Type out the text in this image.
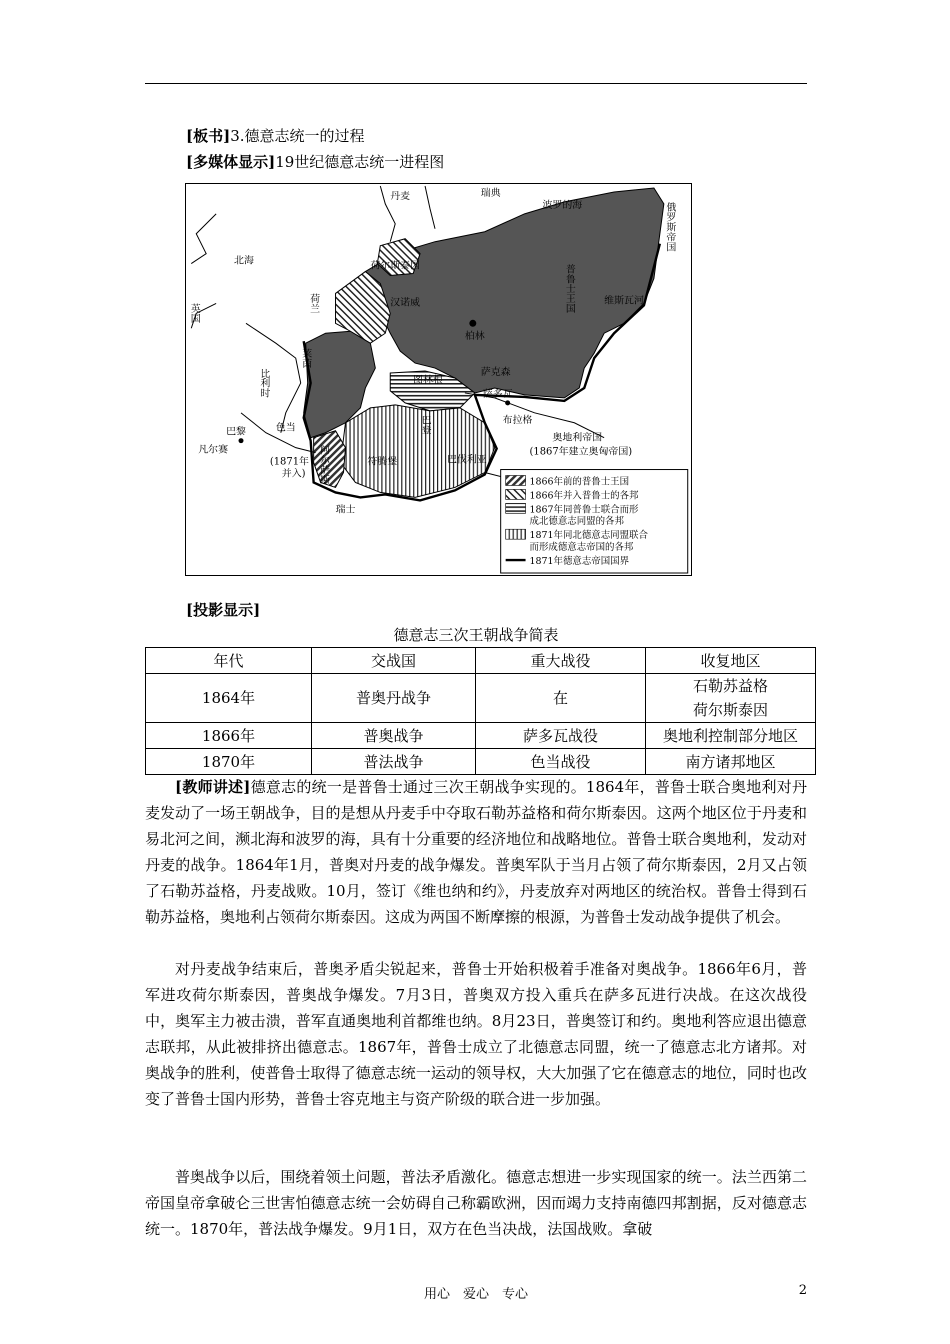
[板书]3.德意志统一的过程
[多媒体显示]19世纪德意志统一进程图
丹麦	瑞典
波罗的海
北海
俄罗斯帝国
普鲁士王国	维斯瓦河
荷尔斯泰因
汉诺威
荷兰
英国
柏林
图林根
萨克森
比利时
莱茵
萨多瓦
布拉格
色当
巴黎
凡尔赛	阿尔萨斯
巴登
巴伐利亚
符腾堡
奥地利帝国
(1867年建立奥匈帝国)
(1871年
并入)
瑞士
1866年前的普鲁士王国
1866年并入普鲁士的各邦
1867年同普鲁士联合而形
成北德意志同盟的各邦
1871年同北德意志同盟联合
而形成德意志帝国的各邦
1871年德意志帝国国界
[投影显示]
德意志三次王朝战争简表
年代	交战国	重大战役	收复地区
1864年	普奥丹战争	在	石勒苏益格
荷尔斯泰因

1866年	普奥战争	萨多瓦战役	奥地利控制部分地区
1870年	普法战争	色当战役	南方诸邦地区
[教师讲述]德意志的统一是普鲁士通过三次王朝战争实现的。1864年，普鲁士联合奥地利对丹麦发动了一场王朝战争，目的是想从丹麦手中夺取石勒苏益格和荷尔斯泰因。这两个地区位于丹麦和易北河之间，濒北海和波罗的海，具有十分重要的经济地位和战略地位。普鲁士联合奥地利，发动对丹麦的战争。1864年1月，普奥对丹麦的战争爆发。普奥军队于当月占领了荷尔斯泰因，2月又占领了石勒苏益格，丹麦战败。10月，签订《维也纳和约》，丹麦放弃对两地区的统治权。普鲁士得到石勒苏益格，奥地利占领荷尔斯泰因。这成为两国不断摩擦的根源，为普鲁士发动战争提供了机会。
对丹麦战争结束后，普奥矛盾尖锐起来，普鲁士开始积极着手准备对奥战争。1866年6月，普军进攻荷尔斯泰因，普奥战争爆发。7月3日，普奥双方投入重兵在萨多瓦进行决战。在这次战役中，奥军主力被击溃，普军直通奥地利首都维也纳。8月23日，普奥签订和约。奥地利答应退出德意志联邦，从此被排挤出德意志。1867年，普鲁士成立了北德意志同盟，统一了德意志北方诸邦。对奥战争的胜利，使普鲁士取得了德意志统一运动的领导权，大大加强了它在德意志的地位，同时也改变了普鲁士国内形势，普鲁士容克地主与资产阶级的联合进一步加强。
普奥战争以后，围绕着领土问题，普法矛盾激化。德意志想进一步实现国家的统一。法兰西第二帝国皇帝拿破仑三世害怕德意志统一会妨碍自己称霸欧洲，因而竭力支持南德四邦割据，反对德意志统一。1870年，普法战争爆发。9月1日，双方在色当决战，法国战败。拿破
用心　爱心　专心	2
